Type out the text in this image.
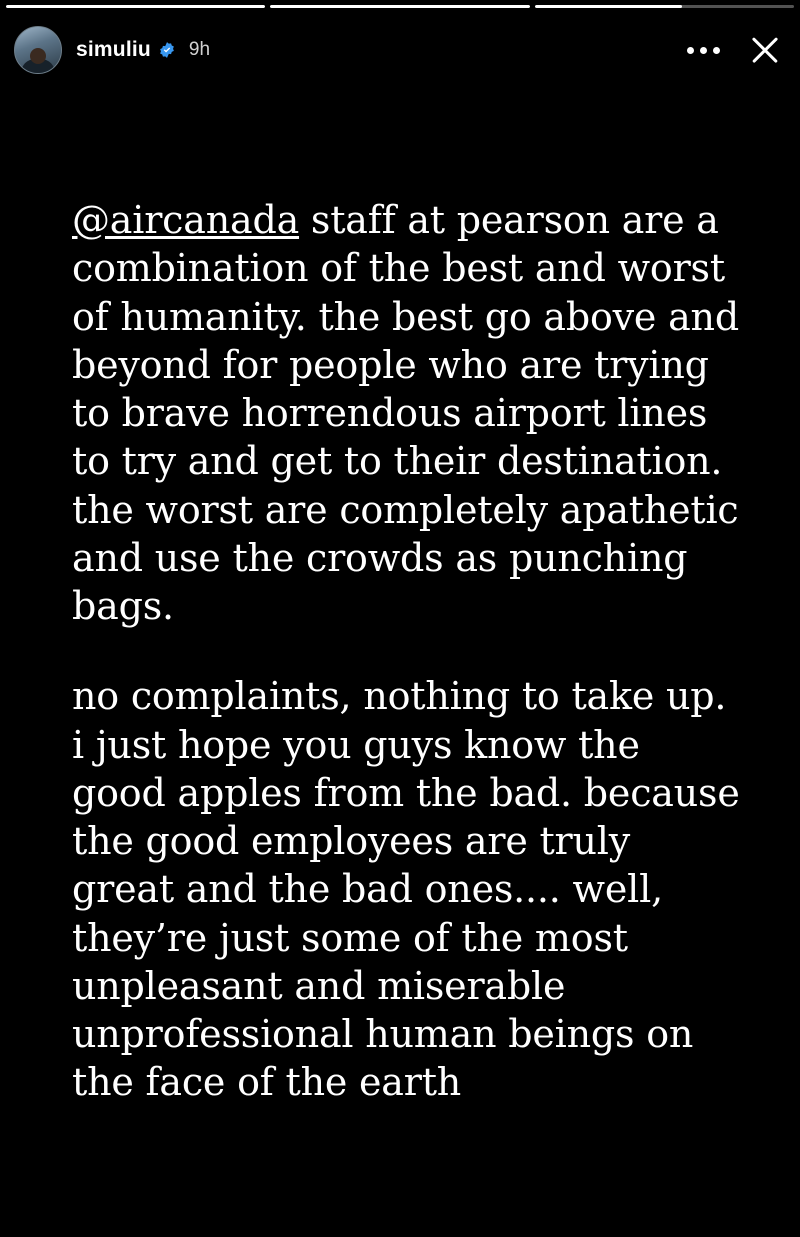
simuliu 9h

@aircanada staff at pearson are a combination of the best and worst of humanity. the best go above and beyond for people who are trying to brave horrendous airport lines to try and get to their destination. the worst are completely apathetic and use the crowds as punching bags.

no complaints, nothing to take up. i just hope you guys know the good apples from the bad. because the good employees are truly great and the bad ones.... well, they’re just some of the most unpleasant and miserable unprofessional human beings on the face of the earth
